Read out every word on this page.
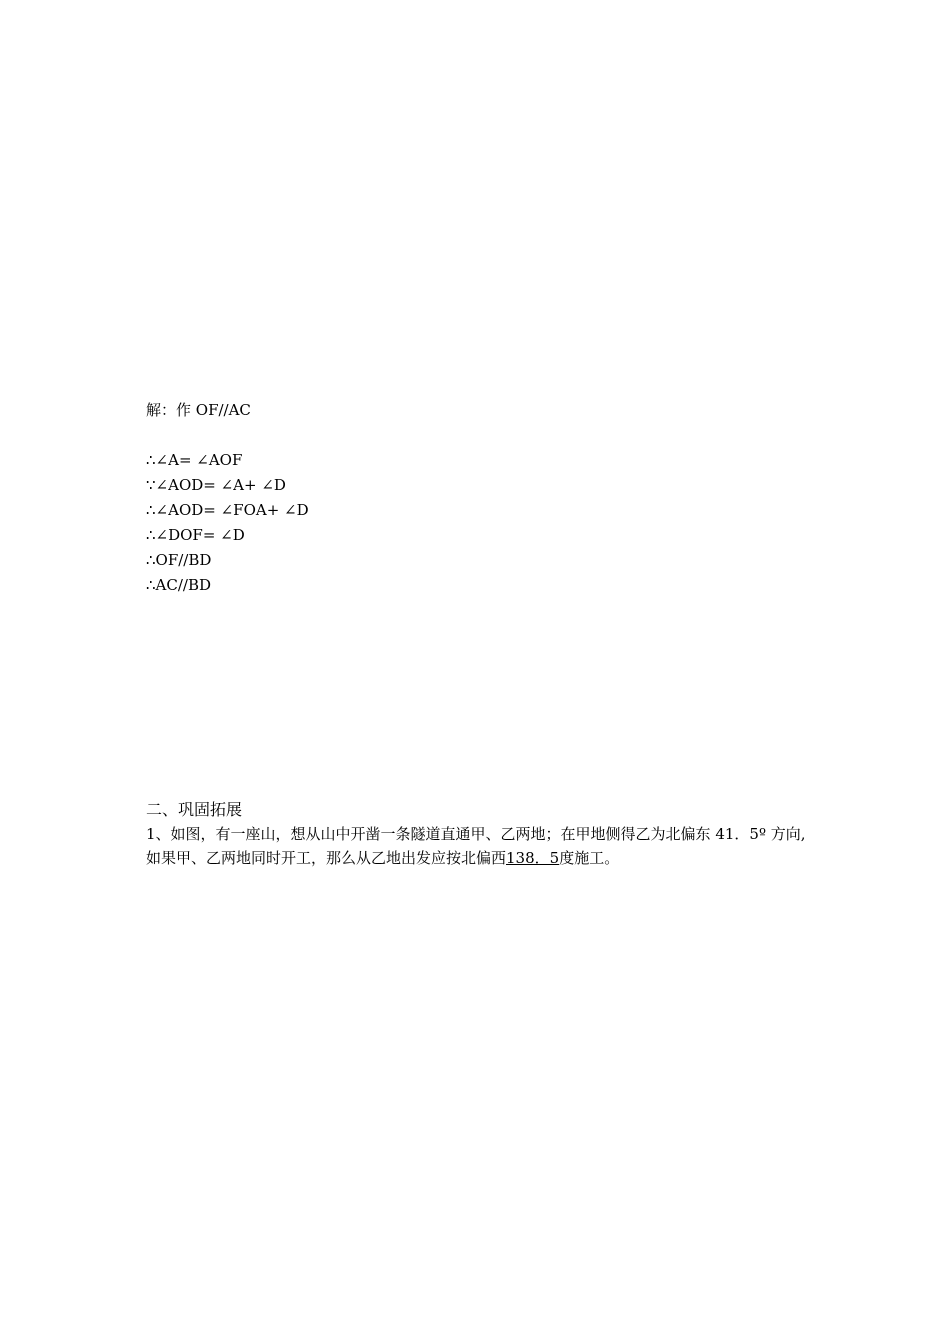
B	D
O
C	A
解：作 OF//AC
∴∠A= ∠AOF
∵∠AOD= ∠A+ ∠D
∴∠AOD= ∠FOA+ ∠D
∴∠DOF= ∠D
∴OF//BD
∴AC//BD
B	D
O	F
C	A
二、巩固拓展
1、如图，有一座山，想从山中开凿一条隧道直通甲、乙两地；在甲地侧得乙为北偏东 41．5º 方向,如果甲、乙两地同时开工，那么从乙地出发应按北偏西138．5度施工。
41.5º
甲地
D	C
A
B
